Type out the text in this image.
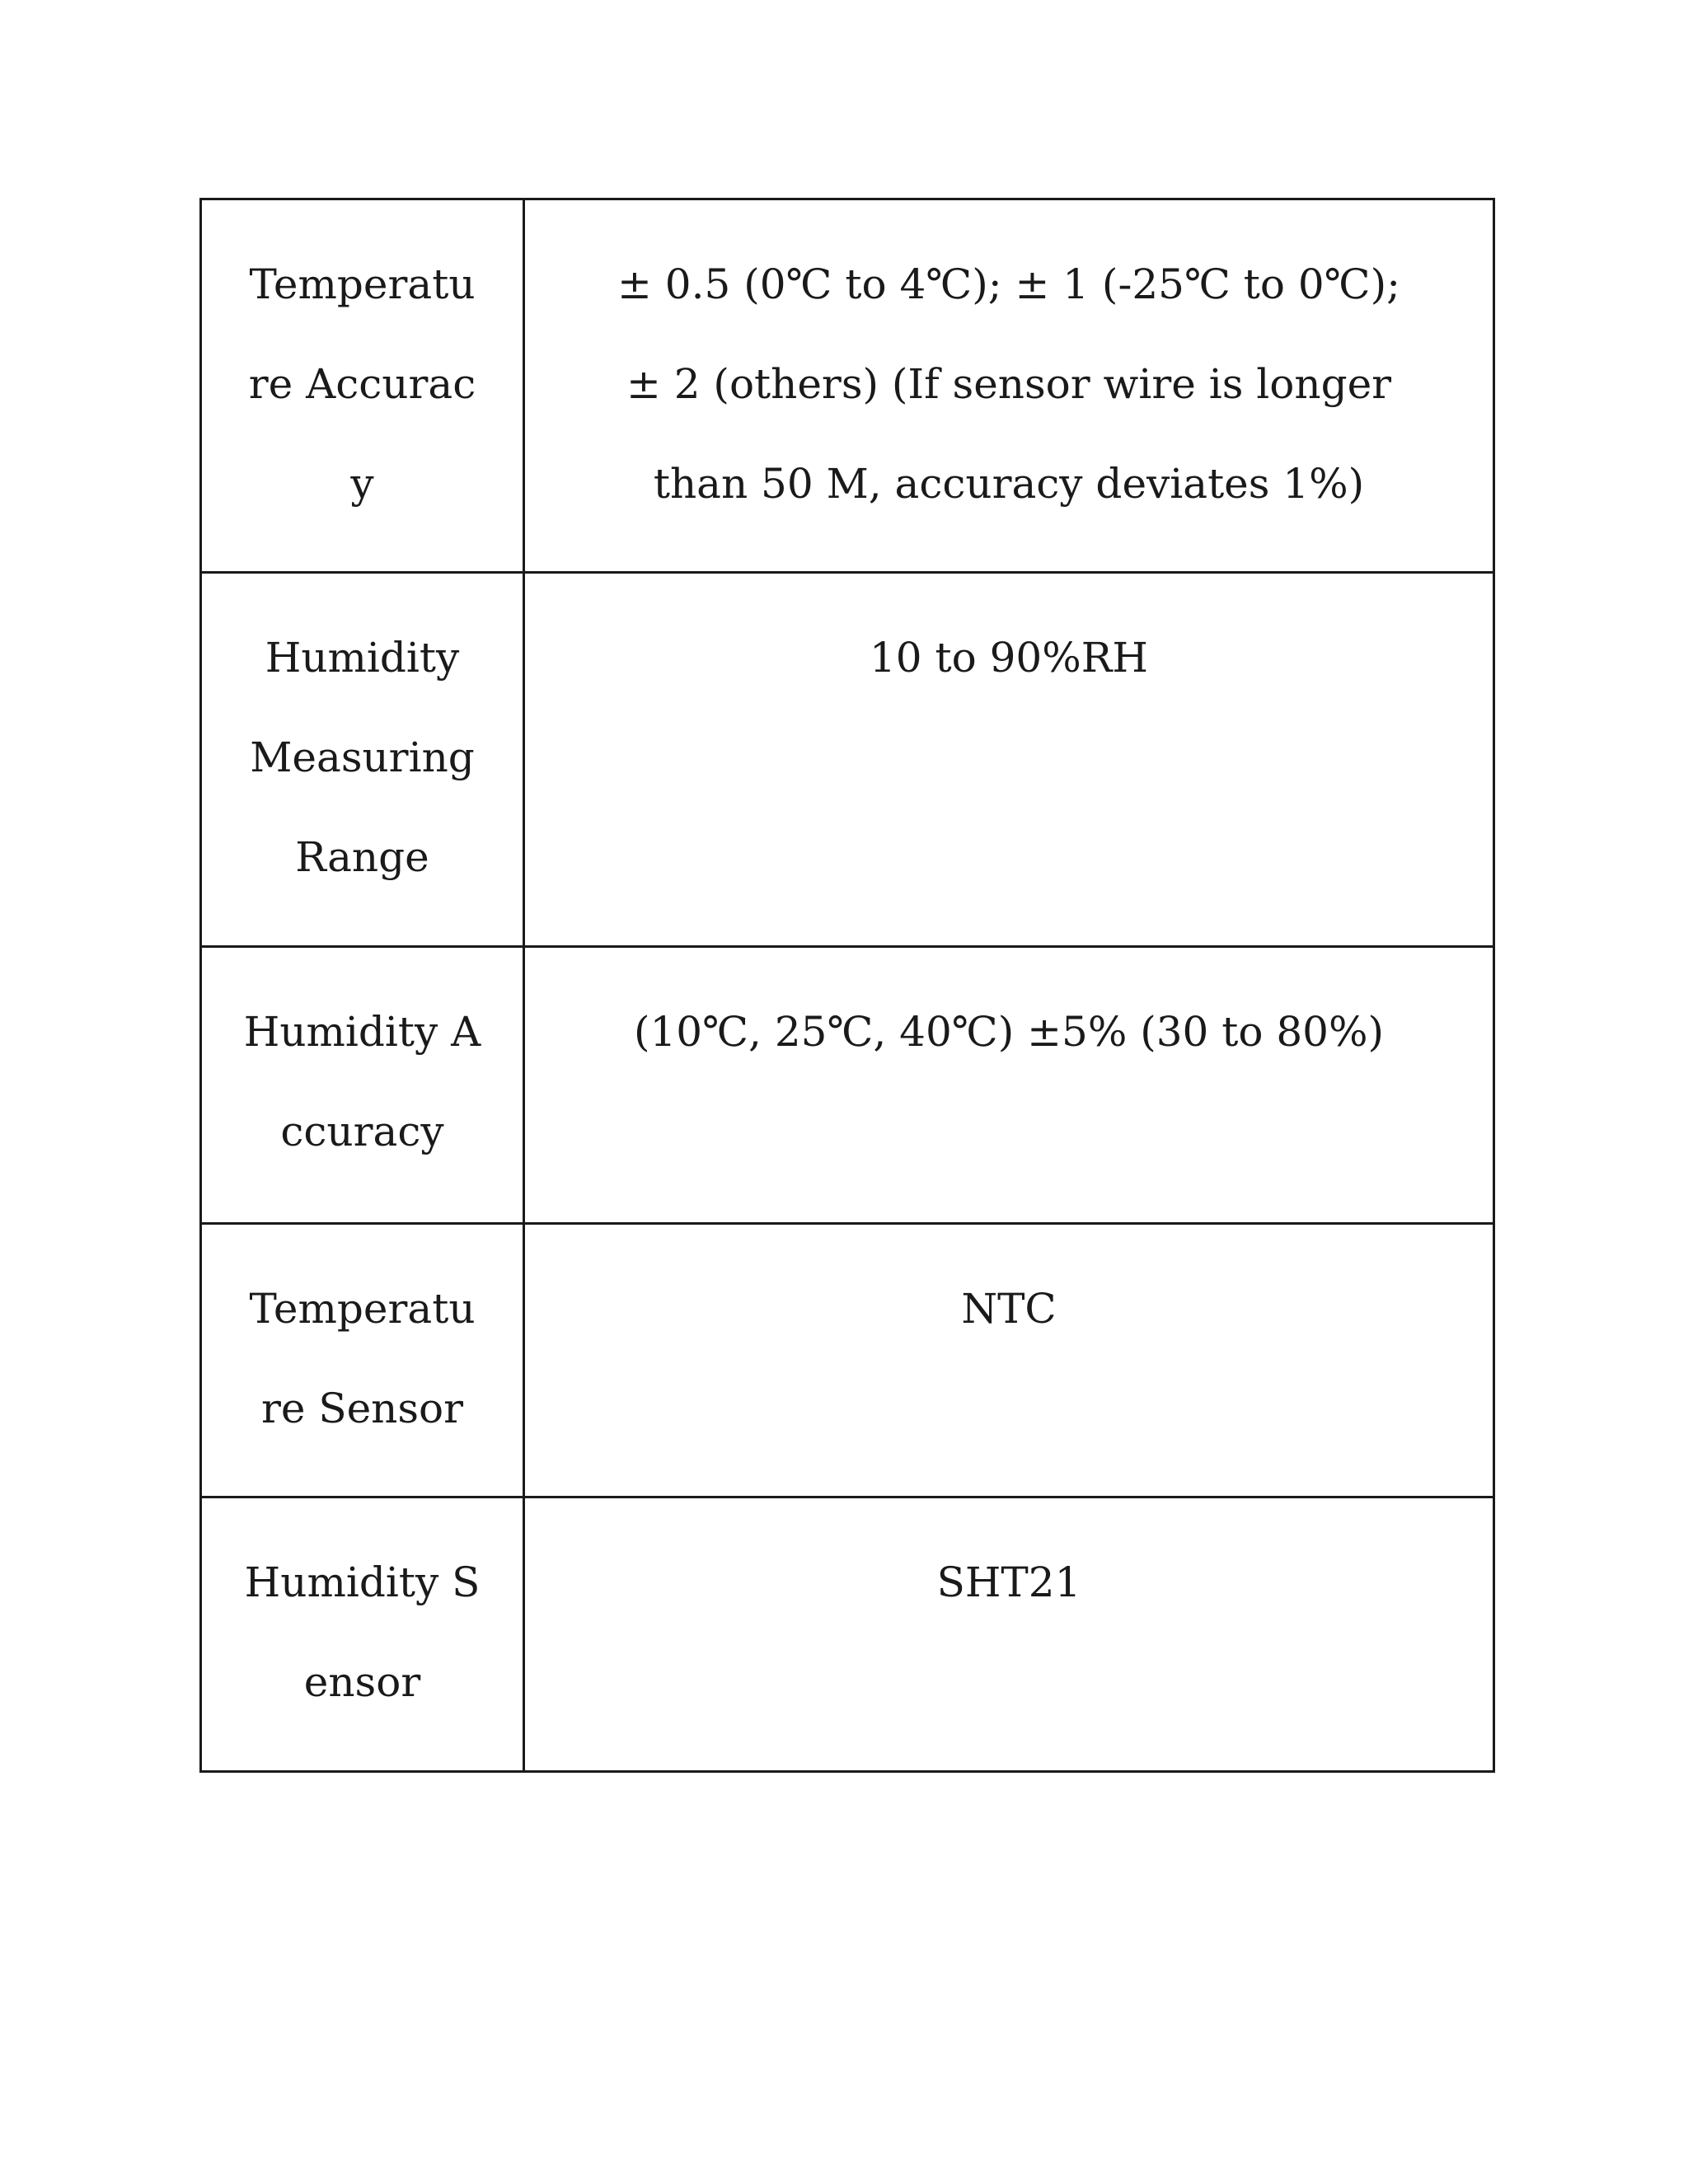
Temperature Accuracy	± 0.5 (0℃ to 4℃); ± 1 (-25℃ to 0℃); ± 2 (others) (If sensor wire is longer than 50 M, accuracy deviates 1%)
Humidity Measuring Range	10 to 90%RH
Humidity Accuracy	(10℃, 25℃, 40℃) ±5% (30 to 80%)
Temperature Sensor	NTC
Humidity Sensor	SHT21
